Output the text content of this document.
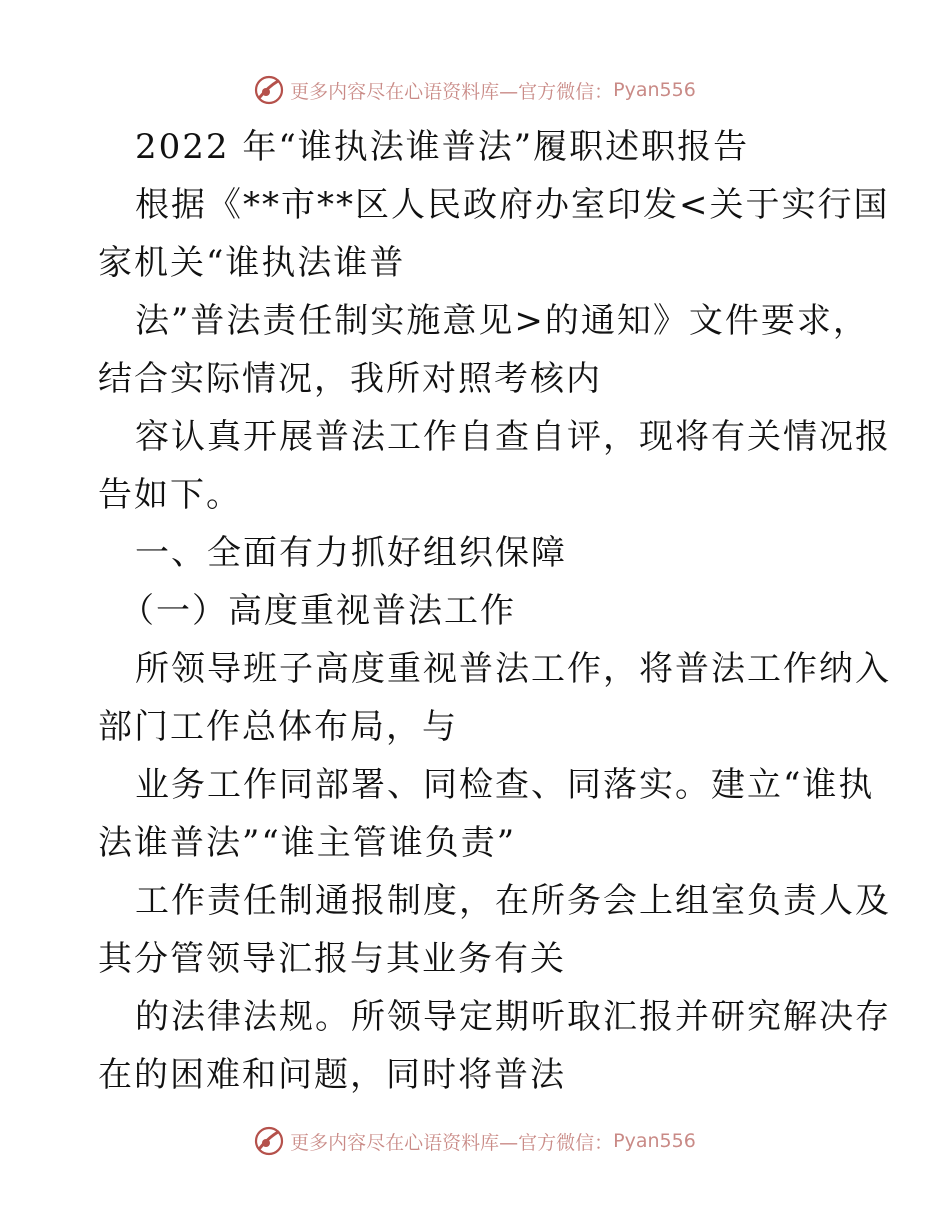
更多内容尽在心语资料库—官方微信： Pyan556
2022 年“谁执法谁普法”履职述职报告
根据《**市**区人民政府办室印发<关于实行国
家机关“谁执法谁普
法”普法责任制实施意见>的通知》文件要求，
结合实际情况，我所对照考核内
容认真开展普法工作自查自评，现将有关情况报
告如下。
一、全面有力抓好组织保障
（一）高度重视普法工作
所领导班子高度重视普法工作，将普法工作纳入
部门工作总体布局，与
业务工作同部署、同检查、同落实。建立“谁执
法谁普法”“谁主管谁负责”
工作责任制通报制度，在所务会上组室负责人及
其分管领导汇报与其业务有关
的法律法规。所领导定期听取汇报并研究解决存
在的困难和问题，同时将普法
更多内容尽在心语资料库—官方微信： Pyan556
